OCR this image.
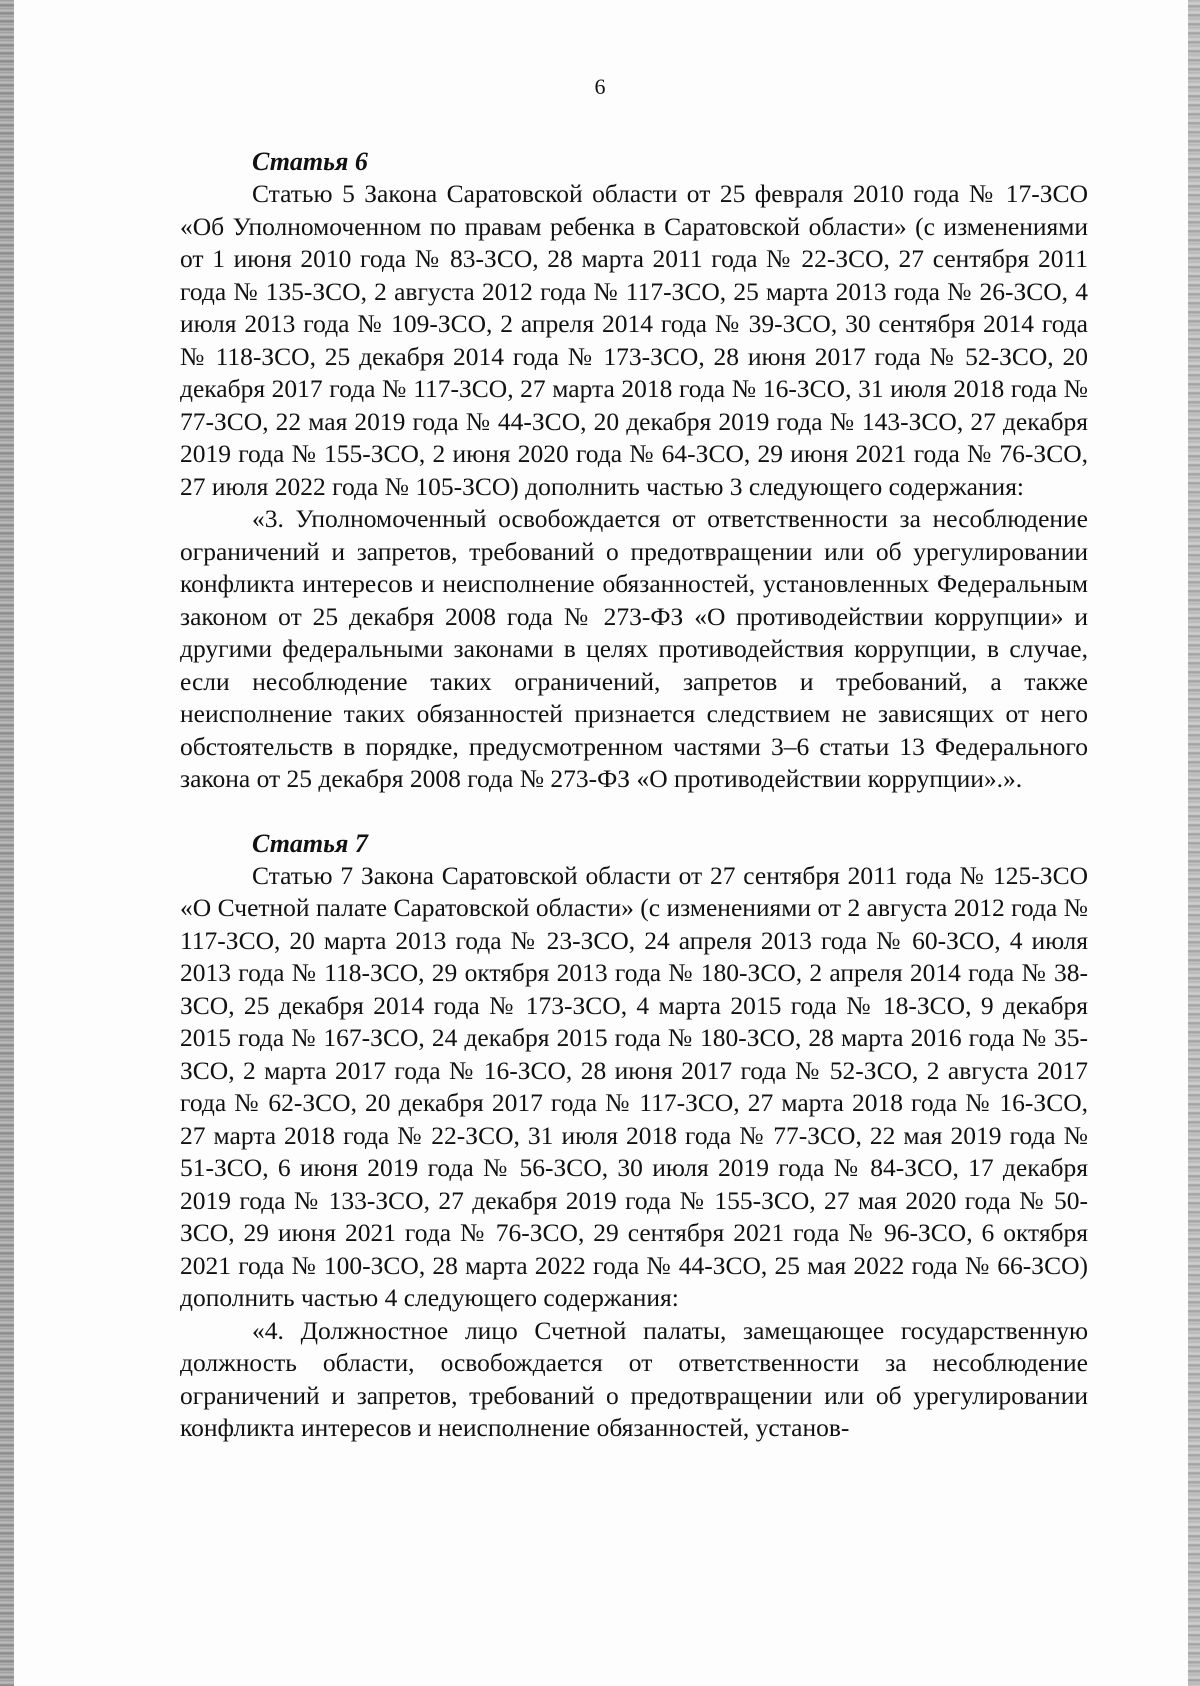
6
Статья 6

Статью 5 Закона Саратовской области от 25 февраля 2010 года № 17-ЗСО «Об Уполномоченном по правам ребенка в Саратовской области» (с изменениями от 1 июня 2010 года № 83-ЗСО, 28 марта 2011 года № 22-ЗСО, 27 сентября 2011 года № 135-ЗСО, 2 августа 2012 года № 117-ЗСО, 25 марта 2013 года № 26-ЗСО, 4 июля 2013 года № 109-ЗСО, 2 апреля 2014 года № 39-ЗСО, 30 сентября 2014 года № 118-ЗСО, 25 декабря 2014 года № 173-ЗСО, 28 июня 2017 года № 52-ЗСО, 20 декабря 2017 года № 117-ЗСО, 27 марта 2018 года № 16-ЗСО, 31 июля 2018 года № 77-ЗСО, 22 мая 2019 года № 44-ЗСО, 20 декабря 2019 года № 143-ЗСО, 27 декабря 2019 года № 155-ЗСО, 2 июня 2020 года № 64-ЗСО, 29 июня 2021 года № 76-ЗСО, 27 июля 2022 года № 105-ЗСО) дополнить частью 3 следующего содержания:

«3. Уполномоченный освобождается от ответственности за несоблюдение ограничений и запретов, требований о предотвращении или об урегулировании конфликта интересов и неисполнение обязанностей, установленных Федеральным законом от 25 декабря 2008 года № 273-ФЗ «О противодействии коррупции» и другими федеральными законами в целях противодействия коррупции, в случае, если несоблюдение таких ограничений, запретов и требований, а также неисполнение таких обязанностей признается следствием не зависящих от него обстоятельств в порядке, предусмотренном частями 3–6 статьи 13 Федерального закона от 25 декабря 2008 года № 273-ФЗ «О противодействии коррупции».».

Статья 7

Статью 7 Закона Саратовской области от 27 сентября 2011 года № 125-ЗСО «О Счетной палате Саратовской области» (с изменениями от 2 августа 2012 года № 117-ЗСО, 20 марта 2013 года № 23-ЗСО, 24 апреля 2013 года № 60-ЗСО, 4 июля 2013 года № 118-ЗСО, 29 октября 2013 года № 180-ЗСО, 2 апреля 2014 года № 38-ЗСО, 25 декабря 2014 года № 173-ЗСО, 4 марта 2015 года № 18-ЗСО, 9 декабря 2015 года № 167-ЗСО, 24 декабря 2015 года № 180-ЗСО, 28 марта 2016 года № 35-ЗСО, 2 марта 2017 года № 16-ЗСО, 28 июня 2017 года № 52-ЗСО, 2 августа 2017 года № 62-ЗСО, 20 декабря 2017 года № 117-ЗСО, 27 марта 2018 года № 16-ЗСО, 27 марта 2018 года № 22-ЗСО, 31 июля 2018 года № 77-ЗСО, 22 мая 2019 года № 51-ЗСО, 6 июня 2019 года № 56-ЗСО, 30 июля 2019 года № 84-ЗСО, 17 декабря 2019 года № 133-ЗСО, 27 декабря 2019 года № 155-ЗСО, 27 мая 2020 года № 50-ЗСО, 29 июня 2021 года № 76-ЗСО, 29 сентября 2021 года № 96-ЗСО, 6 октября 2021 года № 100-ЗСО, 28 марта 2022 года № 44-ЗСО, 25 мая 2022 года № 66-ЗСО) дополнить частью 4 следующего содержания:

«4. Должностное лицо Счетной палаты, замещающее государственную должность области, освобождается от ответственности за несоблюдение ограничений и запретов, требований о предотвращении или об урегулировании конфликта интересов и неисполнение обязанностей, установ-
